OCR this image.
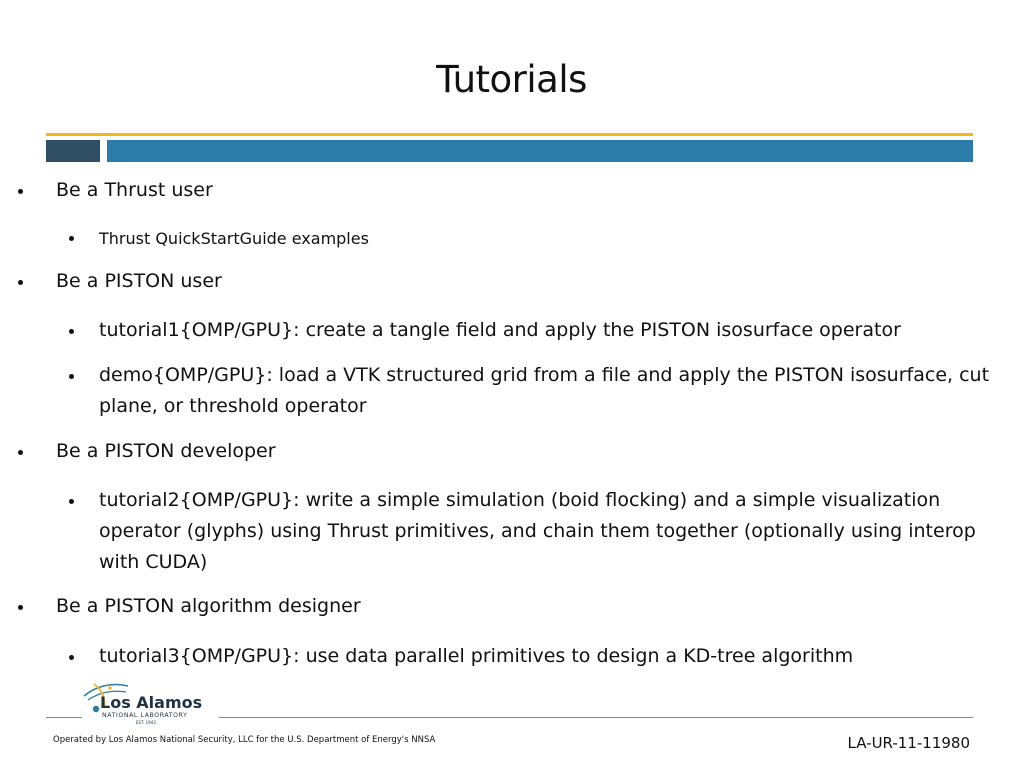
Tutorials
Be a Thrust user
Thrust QuickStartGuide examples
Be a PISTON user
tutorial1{OMP/GPU}: create a tangle field and apply the PISTON isosurface operator
demo{OMP/GPU}: load a VTK structured grid from a file and apply the PISTON isosurface, cut plane, or threshold operator
Be a PISTON developer
tutorial2{OMP/GPU}: write a simple simulation (boid flocking) and a simple visualization operator (glyphs) using Thrust primitives, and chain them together (optionally using interop with CUDA)
Be a PISTON algorithm designer
tutorial3{OMP/GPU}: use data parallel primitives to design a KD-tree algorithm
Los Alamos
NATIONAL LABORATORY
EST. 1943
Operated by Los Alamos National Security, LLC for the U.S. Department of Energy's NNSA	LA-UR-11-11980
